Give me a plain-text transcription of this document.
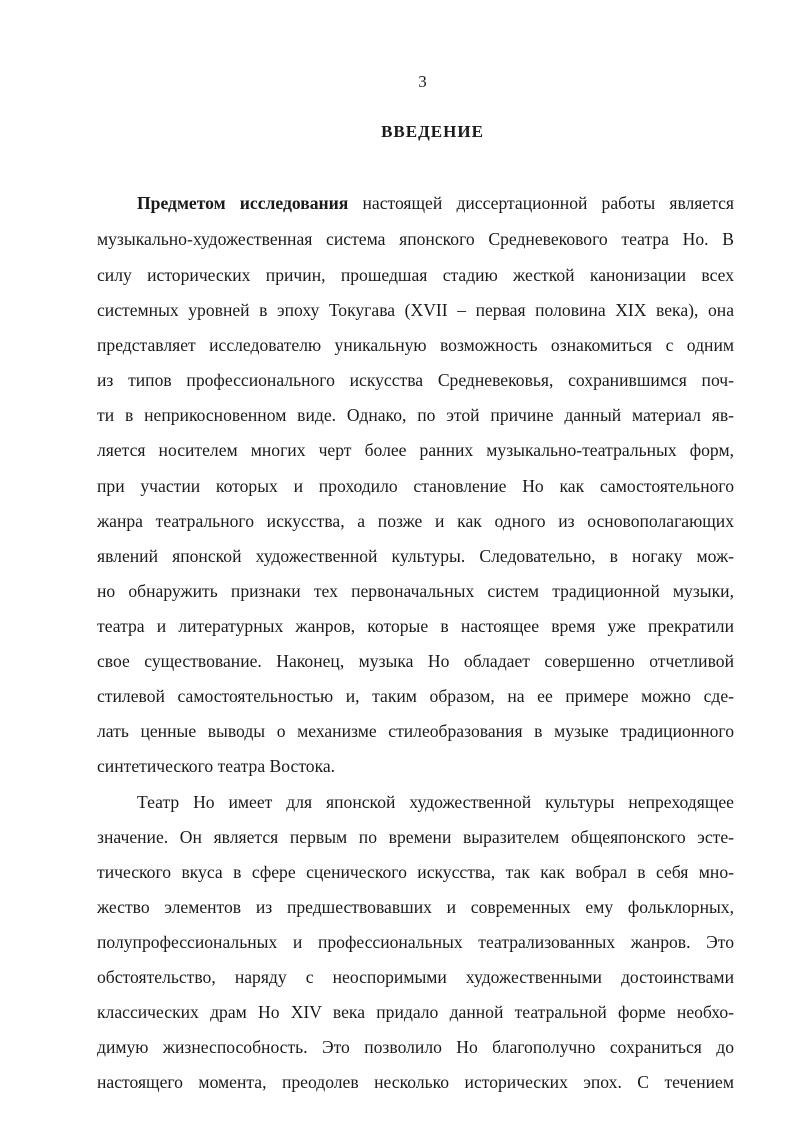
3
ВВЕДЕНИЕ
Предметом исследования настоящей диссертационной работы является
музыкально-художественная система японского Средневекового театра Но. В
силу исторических причин, прошедшая стадию жесткой канонизации всех
системных уровней в эпоху Токугава (XVII – первая половина XIX века), она
представляет исследователю уникальную возможность ознакомиться с одним
из типов профессионального искусства Средневековья, сохранившимся поч-
ти в неприкосновенном виде. Однако, по этой причине данный материал яв-
ляется носителем многих черт более ранних музыкально-театральных форм,
при участии которых и проходило становление Но как самостоятельного
жанра театрального искусства, а позже и как одного из основополагающих
явлений японской художественной культуры. Следовательно, в ногаку мож-
но обнаружить признаки тех первоначальных систем традиционной музыки,
театра и литературных жанров, которые в настоящее время уже прекратили
свое существование. Наконец, музыка Но обладает совершенно отчетливой
стилевой самостоятельностью и, таким образом, на ее примере можно сде-
лать ценные выводы о механизме стилеобразования в музыке традиционного
синтетического театра Востока.
Театр Но имеет для японской художественной культуры непреходящее
значение. Он является первым по времени выразителем общеяпонского эсте-
тического вкуса в сфере сценического искусства, так как вобрал в себя мно-
жество элементов из предшествовавших и современных ему фольклорных,
полупрофессиональных и профессиональных театрализованных жанров. Это
обстоятельство, наряду с неоспоримыми художественными достоинствами
классических драм Но XIV века придало данной театральной форме необхо-
димую жизнеспособность. Это позволило Но благополучно сохраниться до
настоящего момента, преодолев несколько исторических эпох. С течением
